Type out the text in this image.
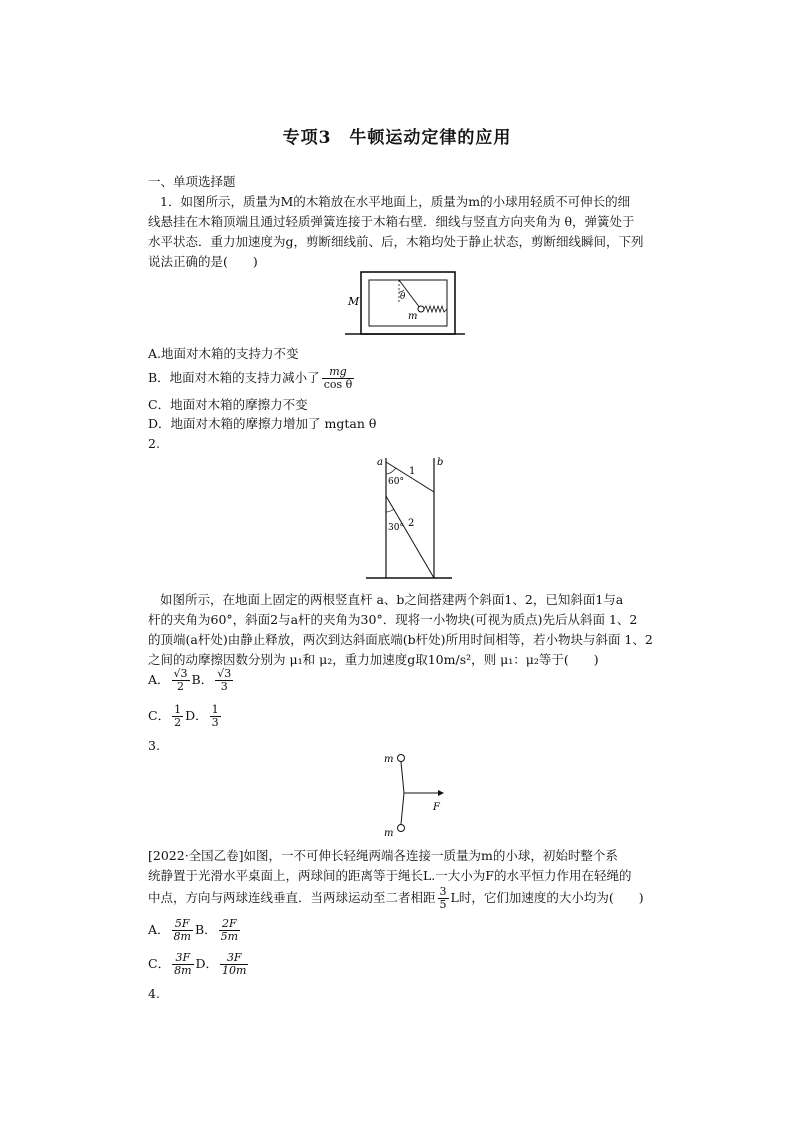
专项3　牛顿运动定律的应用
一、单项选择题
1．如图所示，质量为M的木箱放在水平地面上，质量为m的小球用轻质不可伸长的细
线悬挂在木箱顶端且通过轻质弹簧连接于木箱右壁．细线与竖直方向夹角为 θ，弹簧处于
水平状态．重力加速度为g，剪断细线前、后，木箱均处于静止状态，剪断细线瞬间，下列
说法正确的是(　　)
θ
m
M
A.地面对木箱的支持力不变
B．地面对木箱的支持力减小了 $\frac{mg}{\text{cos θ}}$
C．地面对木箱的摩擦力不变
D．地面对木箱的摩擦力增加了 mgtan θ
2.
a	b
1
60°
30° 2
如图所示，在地面上固定的两根竖直杆 a、b之间搭建两个斜面1、2，已知斜面1与a
杆的夹角为60°，斜面2与a杆的夹角为30°．现将一小物块(可视为质点)先后从斜面 1、2
的顶端(a杆处)由静止释放，两次到达斜面底端(b杆处)所用时间相等，若小物块与斜面 1、2
之间的动摩擦因数分别为 μ₁和 μ₂，重力加速度g取10m/s²，则 μ₁：μ₂等于(　　)
A． $\frac{√3}{2}$ B． $\frac{√3}{3}$
C． $\frac{1}{2}$ D． $\frac{1}{3}$
3.
m
m
F
[2022·全国乙卷]如图，一不可伸长轻绳两端各连接一质量为m的小球，初始时整个系
统静置于光滑水平桌面上，两球间的距离等于绳长L.一大小为F的水平恒力作用在轻绳的
中点，方向与两球连线垂直．当两球运动至二者相距 $\frac{3}{5}$ L时，它们加速度的大小均为(　　)
A． $\frac{5F}{8m}$ B． $\frac{2F}{5m}$
C． $\frac{3F}{8m}$ D． $\frac{3F}{10m}$
4.
